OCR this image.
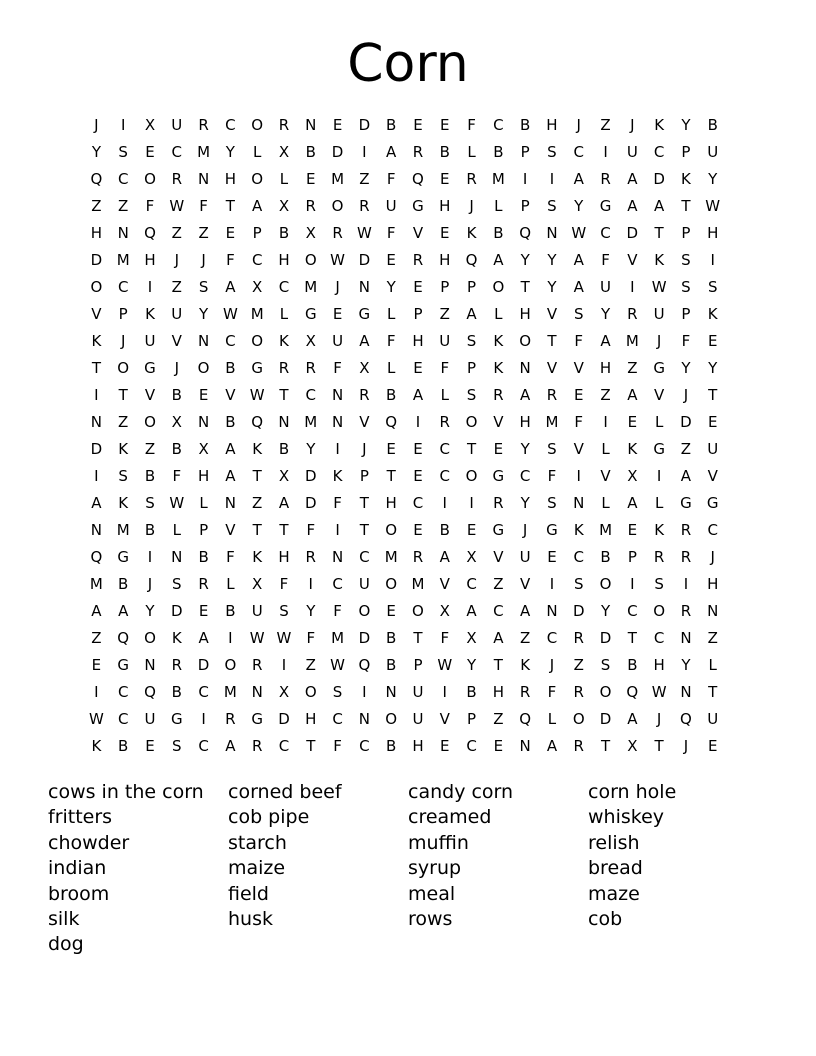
Corn
J I X U R C O R N E D B E E F C B H J Z J K Y B
Y S E C M Y L X B D I A R B L B P S C I U C P U
Q C O R N H O L E M Z F Q E R M I I A R A D K Y
Z Z F W F T A X R O R U G H J L P S Y G A A T W
H N Q Z Z E P B X R W F V E K B Q N W C D T P H
D M H J J F C H O W D E R H Q A Y Y A F V K S I
O C I Z S A X C M J N Y E P P O T Y A U I W S S
V P K U Y W M L G E G L P Z A L H V S Y R U P K
K J U V N C O K X U A F H U S K O T F A M J F E
T O G J O B G R R F X L E F P K N V V H Z G Y Y
I T V B E V W T C N R B A L S R A R E Z A V J T
N Z O X N B Q N M N V Q I R O V H M F I E L D E
D K Z B X A K B Y I J E E C T E Y S V L K G Z U
I S B F H A T X D K P T E C O G C F I V X I A V
A K S W L N Z A D F T H C I I R Y S N L A L G G
N M B L P V T T F I T O E B E G J G K M E K R C
Q G I N B F K H R N C M R A X V U E C B P R R J
M B J S R L X F I C U O M V C Z V I S O I S I H
A A Y D E B U S Y F O E O X A C A N D Y C O R N
Z Q O K A I W W F M D B T F X A Z C R D T C N Z
E G N R D O R I Z W Q B P W Y T K J Z S B H Y L
I C Q B C M N X O S I N U I B H R F R O Q W N T
W C U G I R G D H C N O U V P Z Q L O D A J Q U
K B E S C A R C T F C B H E C E N A R T X T J E
cows in the corn
fritters
chowder
indian
broom
silk
dog
corned beef
cob pipe
starch
maize
field
husk
candy corn
creamed
muffin
syrup
meal
rows
corn hole
whiskey
relish
bread
maze
cob
